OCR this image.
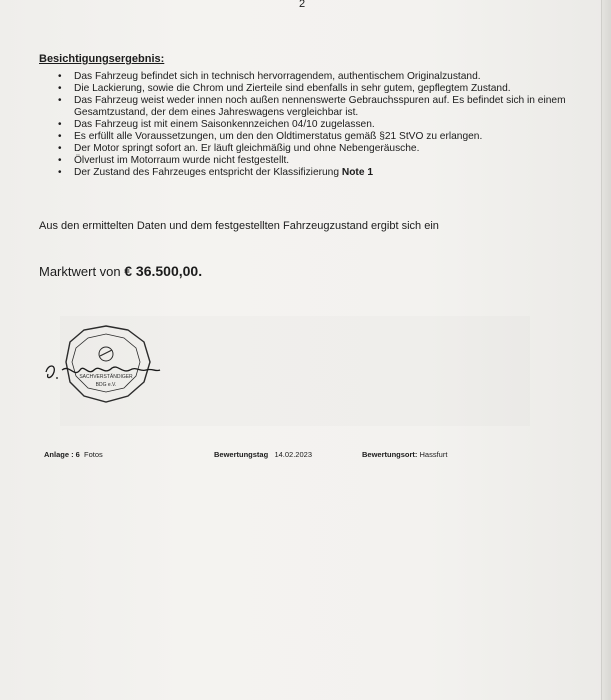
2
Besichtigungsergebnis:
• Das Fahrzeug befindet sich in technisch hervorragendem, authentischem Originalzustand.
• Die Lackierung, sowie die Chrom und Zierteile sind ebenfalls in sehr gutem, gepflegtem Zustand.
• Das Fahrzeug weist weder innen noch außen nennenswerte Gebrauchsspuren auf. Es befindet sich in einem Gesamtzustand, der dem eines Jahreswagens vergleichbar ist.
• Das Fahrzeug ist mit einem Saisonkennzeichen 04/10 zugelassen.
• Es erfüllt alle Voraussetzungen, um den den Oldtimerstatus gemäß §21 StVO zu erlangen.
• Der Motor springt sofort an. Er läuft gleichmäßig und ohne Nebengeräusche.
• Ölverlust im Motorraum wurde nicht festgestellt.
• Der Zustand des Fahrzeuges entspricht der Klassifizierung Note 1
Aus den ermittelten Daten und dem festgestellten Fahrzeugzustand ergibt sich ein
Marktwert von € 36.500,00.
SACHVERSTÄNDIGER
BDG e.V.
Anlage : 6 Fotos	Bewertungstag 14.02.2023	Bewertungsort: Hassfurt
